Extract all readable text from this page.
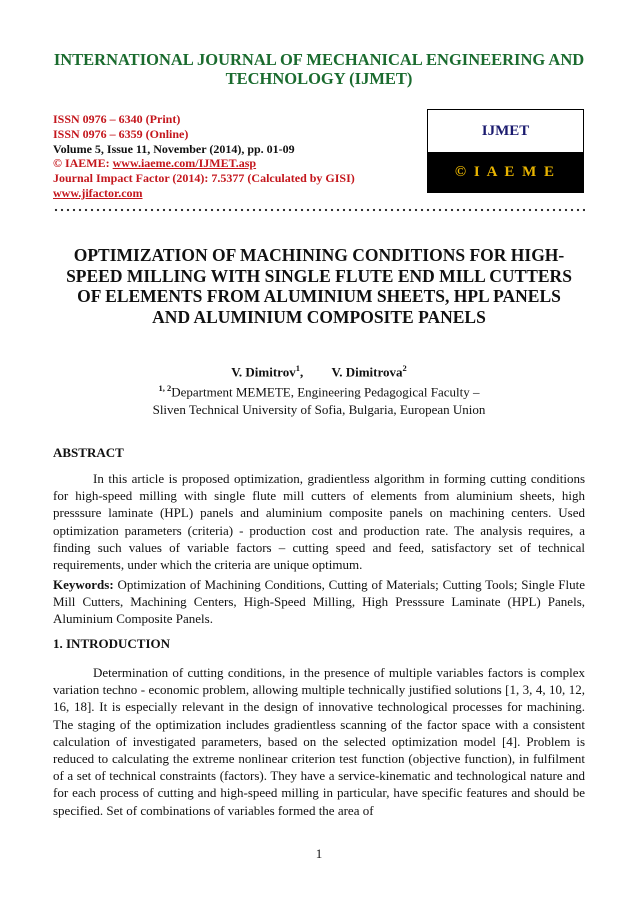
INTERNATIONAL JOURNAL OF MECHANICAL ENGINEERING AND
TECHNOLOGY (IJMET)
ISSN 0976 – 6340 (Print)
ISSN 0976 – 6359 (Online)
Volume 5, Issue 11, November (2014), pp. 01-09
© IAEME: www.iaeme.com/IJMET.asp
Journal Impact Factor (2014): 7.5377 (Calculated by GISI)
www.jifactor.com
IJMET
© I A E M E
OPTIMIZATION OF MACHINING CONDITIONS FOR HIGH-
SPEED MILLING WITH SINGLE FLUTE END MILL CUTTERS
OF ELEMENTS FROM ALUMINIUM SHEETS, HPL PANELS
AND ALUMINIUM COMPOSITE PANELS
V. Dimitrov$^1$, V. Dimitrova$^2$
$^{1, 2}$Department MEMETE, Engineering Pedagogical Faculty –
Sliven Technical University of Sofia, Bulgaria, European Union
ABSTRACT

In this article is proposed optimization, gradientless algorithm in forming cutting conditions for high-speed milling with single flute mill cutters of elements from aluminium sheets, high presssure laminate (HPL) panels and aluminium composite panels on machining centers. Used optimization parameters (criteria) - production cost and production rate. The analysis requires, a finding such values of variable factors – cutting speed and feed, satisfactory set of technical requirements, under which the criteria are unique optimum.

Keywords: Optimization of Machining Conditions, Cutting of Materials; Cutting Tools; Single Flute Mill Cutters, Machining Centers, High-Speed Milling, High Presssure Laminate (HPL) Panels, Aluminium Composite Panels.

1. INTRODUCTION

Determination of cutting conditions, in the presence of multiple variables factors is complex variation techno - economic problem, allowing multiple technically justified solutions [1, 3, 4, 10, 12, 16, 18]. It is especially relevant in the design of innovative technological processes for machining. The staging of the optimization includes gradientless scanning of the factor space with a consistent calculation of investigated parameters, based on the selected optimization model [4]. Problem is reduced to calculating the extreme nonlinear criterion test function (objective function), in fulfilment of a set of technical constraints (factors). They have a service-kinematic and technological nature and for each process of cutting and high-speed milling in particular, have specific features and should be specified. Set of combinations of variables formed the area of

1
